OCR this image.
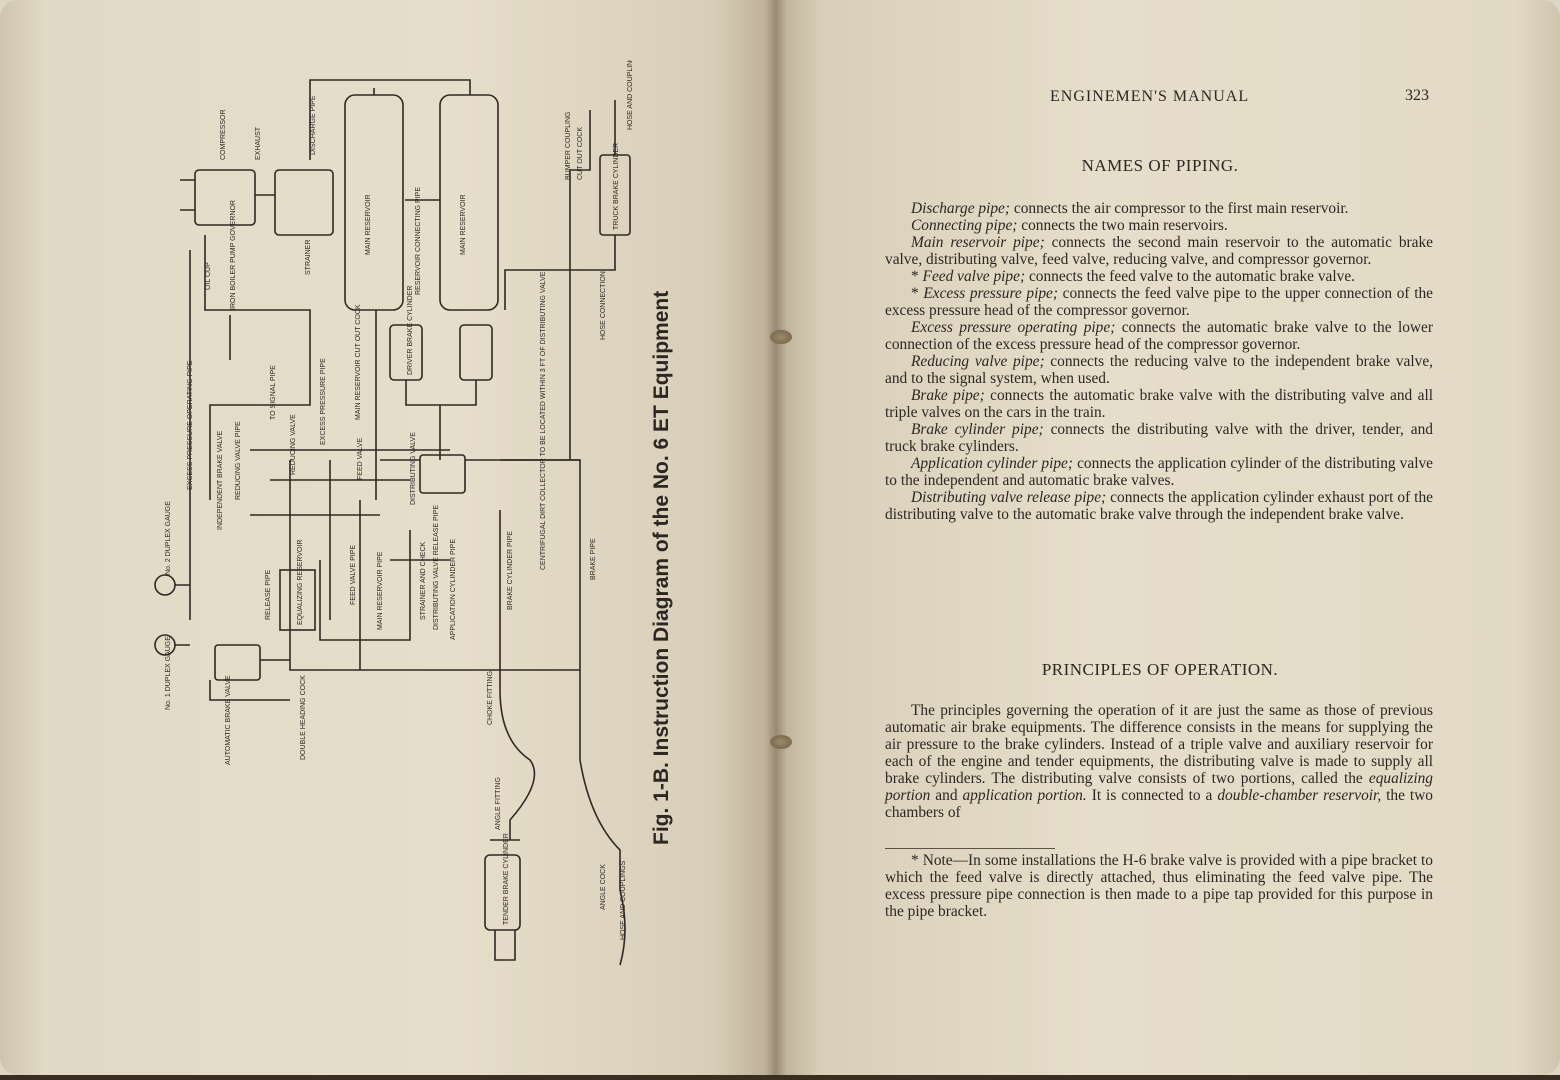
MAIN RESERVOIR	MAIN RESERVOIR
RESERVOIR CONNECTING PIPE
DISCHARGE PIPE
COMPRESSOR	EXHAUST
OIL CUP
STRAINER
IRON BOILER PUMP GOVERNOR
MAIN RESERVOIR CUT OUT COCK	DRIVER BRAKE CYLINDER
TRUCK BRAKE CYLINDER
TENDER BRAKE CYLINDER
BUMPER COUPLING CUT OUT COCK
HOSE AND COUPLING
HOSE CONNECTION
BRAKE PIPE
BRAKE CYLINDER PIPE
DISTRIBUTING VALVE
FEED VALVE
FEED VALVE PIPE
REDUCING VALVE
REDUCING VALVE PIPE
MAIN RESERVOIR PIPE
EXCESS PRESSURE PIPE
EXCESS PRESSURE OPERATING PIPE	INDEPENDENT BRAKE VALVE
AUTOMATIC BRAKE VALVE
EQUALIZING RESERVOIR
RELEASE PIPE	APPLICATION CYLINDER PIPE
DISTRIBUTING VALVE RELEASE PIPE
DOUBLE HEADING COCK
No. 1 DUPLEX GAUGE
No. 2 DUPLEX GAUGE
STRAINER AND CHECK
ANGLE FITTING
ANGLE COCK HOSE AND COUPLINGS
CHOKE FITTING
CENTRIFUGAL DIRT COLLECTOR TO BE LOCATED WITHIN 3 FT OF DISTRIBUTING VALVE
TO SIGNAL PIPE	Fig. 1-B. Instruction Diagram of the No. 6 ET Equipment
ENGINEMEN'S MANUAL	323
NAMES OF PIPING.

Discharge pipe; connects the air compressor to the first main reservoir.

Connecting pipe; connects the two main reservoirs.

Main reservoir pipe; connects the second main reservoir to the automatic brake valve, distributing valve, feed valve, reducing valve, and compressor governor.

* Feed valve pipe; connects the feed valve to the automatic brake valve.

* Excess pressure pipe; connects the feed valve pipe to the upper connection of the excess pressure head of the compressor governor.

Excess pressure operating pipe; connects the automatic brake valve to the lower connection of the excess pressure head of the compressor governor.

Reducing valve pipe; connects the reducing valve to the independent brake valve, and to the signal system, when used.

Brake pipe; connects the automatic brake valve with the distributing valve and all triple valves on the cars in the train.

Brake cylinder pipe; connects the distributing valve with the driver, tender, and truck brake cylinders.

Application cylinder pipe; connects the application cylinder of the distributing valve to the independent and automatic brake valves.

Distributing valve release pipe; connects the application cylinder exhaust port of the distributing valve to the automatic brake valve through the independent brake valve.

PRINCIPLES OF OPERATION.

The principles governing the operation of it are just the same as those of previous automatic air brake equipments. The difference consists in the means for supplying the air pressure to the brake cylinders. Instead of a triple valve and auxiliary reservoir for each of the engine and tender equipments, the distributing valve is made to supply all brake cylinders. The distributing valve consists of two portions, called the equalizing portion and application portion. It is connected to a double-chamber reservoir, the two chambers of

* Note—In some installations the H-6 brake valve is provided with a pipe bracket to which the feed valve is directly attached, thus eliminating the feed valve pipe. The excess pressure pipe connection is then made to a pipe tap provided for this purpose in the pipe bracket.
